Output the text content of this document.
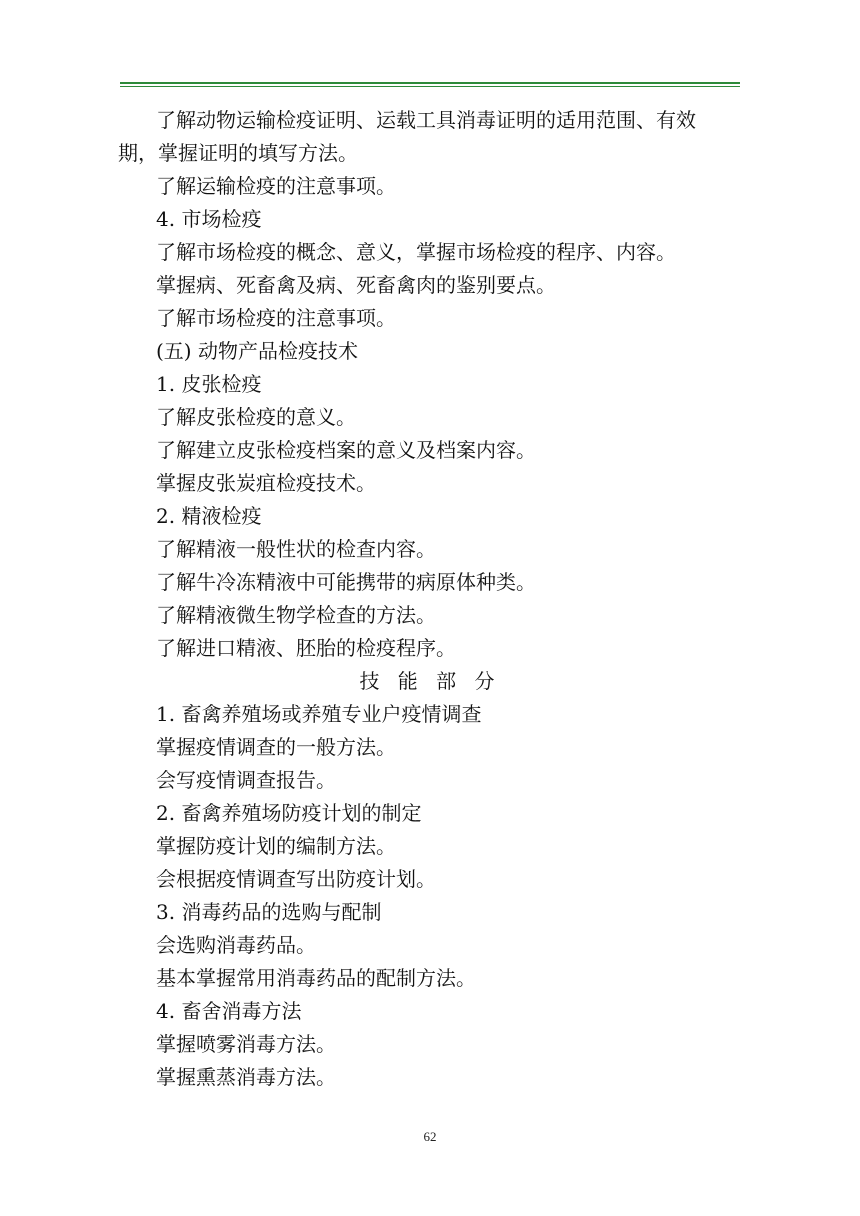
了解动物运输检疫证明、运载工具消毒证明的适用范围、有效
期，掌握证明的填写方法。
了解运输检疫的注意事项。
4. 市场检疫
了解市场检疫的概念、意义，掌握市场检疫的程序、内容。
掌握病、死畜禽及病、死畜禽肉的鉴别要点。
了解市场检疫的注意事项。
(五) 动物产品检疫技术
1. 皮张检疫
了解皮张检疫的意义。
了解建立皮张检疫档案的意义及档案内容。
掌握皮张炭疽检疫技术。
2. 精液检疫
了解精液一般性状的检查内容。
了解牛冷冻精液中可能携带的病原体种类。
了解精液微生物学检查的方法。
了解进口精液、胚胎的检疫程序。
技 能 部 分
1. 畜禽养殖场或养殖专业户疫情调查
掌握疫情调查的一般方法。
会写疫情调查报告。
2. 畜禽养殖场防疫计划的制定
掌握防疫计划的编制方法。
会根据疫情调查写出防疫计划。
3. 消毒药品的选购与配制
会选购消毒药品。
基本掌握常用消毒药品的配制方法。
4. 畜舍消毒方法
掌握喷雾消毒方法。
掌握熏蒸消毒方法。
62
